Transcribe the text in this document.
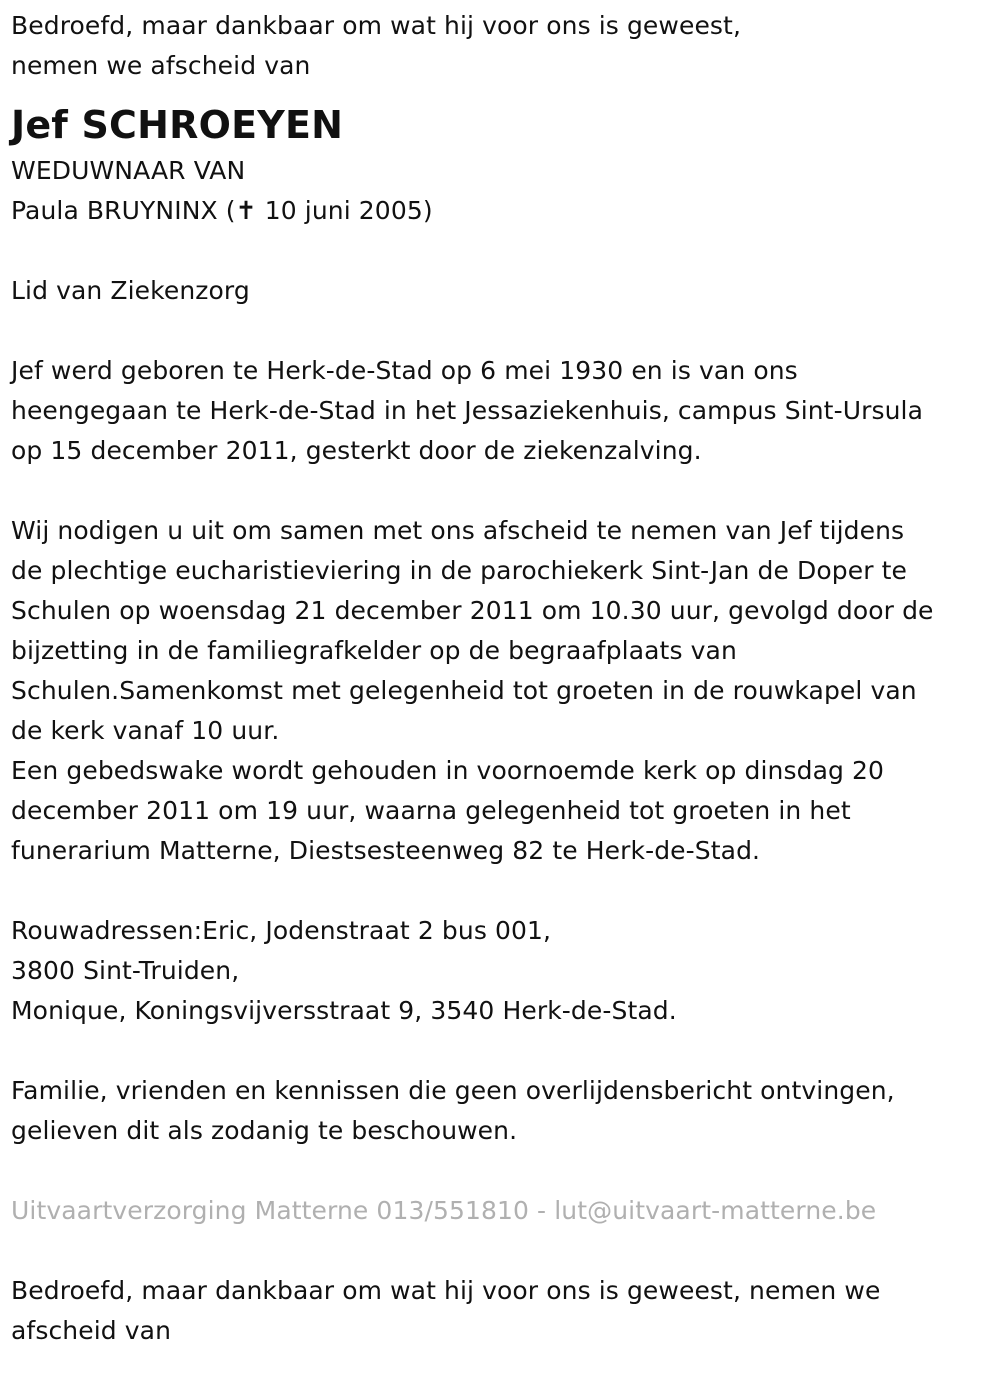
Bedroefd, maar dankbaar om wat hij voor ons is geweest,

nemen we afscheid van

Jef SCHROEYEN

WEDUWNAAR VAN

Paula BRUYNINX (✝ 10 juni 2005)

Lid van Ziekenzorg

Jef werd geboren te Herk-de-Stad op 6 mei 1930 en is van ons

heengegaan te Herk-de-Stad in het Jessaziekenhuis, campus Sint-Ursula

op 15 december 2011, gesterkt door de ziekenzalving.

Wij nodigen u uit om samen met ons afscheid te nemen van Jef tijdens

de plechtige eucharistieviering in de parochiekerk Sint-Jan de Doper te

Schulen op woensdag 21 december 2011 om 10.30 uur, gevolgd door de

bijzetting in de familiegrafkelder op de begraafplaats van

Schulen.Samenkomst met gelegenheid tot groeten in de rouwkapel van

de kerk vanaf 10 uur.

Een gebedswake wordt gehouden in voornoemde kerk op dinsdag 20

december 2011 om 19 uur, waarna gelegenheid tot groeten in het

funerarium Matterne, Diestsesteenweg 82 te Herk-de-Stad.

Rouwadressen:Eric, Jodenstraat 2 bus 001,

3800 Sint-Truiden,

Monique, Koningsvijversstraat 9, 3540 Herk-de-Stad.

Familie, vrienden en kennissen die geen overlijdensbericht ontvingen,

gelieven dit als zodanig te beschouwen.

Uitvaartverzorging Matterne 013/551810 - lut@uitvaart-matterne.be

Bedroefd, maar dankbaar om wat hij voor ons is geweest, nemen we

afscheid van
